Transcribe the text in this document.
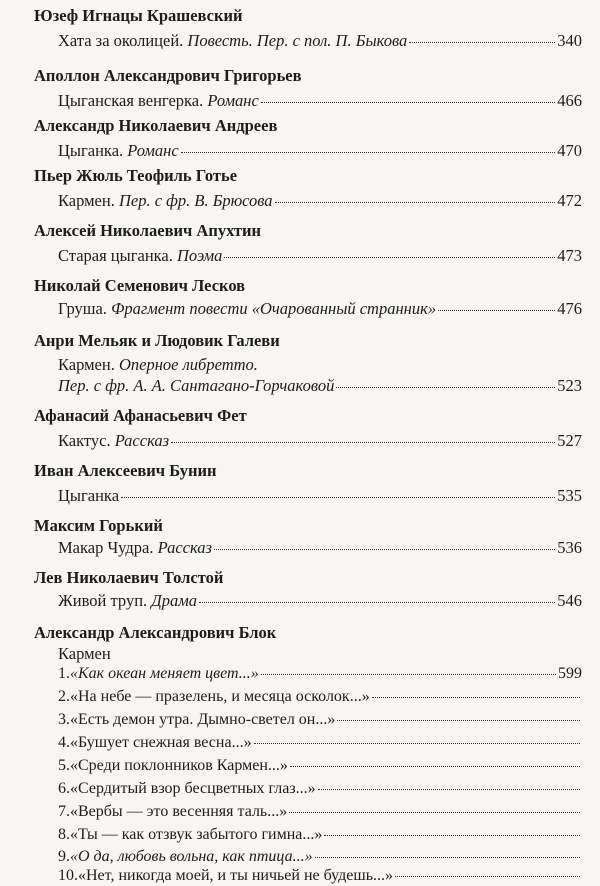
Юзеф Игнацы Крашевский
Хата за околицей. Повесть. Пер. с пол. П. Быкова	340
Аполлон Александрович Григорьев
Цыганская венгерка. Романс	466
Александр Николаевич Андреев
Цыганка. Романс	470
Пьер Жюль Теофиль Готье
Кармен. Пер. с фр. В. Брюсова	472
Алексей Николаевич Апухтин
Старая цыганка. Поэма	473
Николай Семенович Лесков
Груша. Фрагмент повести «Очарованный странник»	476
Анри Мельяк и Людовик Галеви
Кармен. Оперное либретто.
Пер. с фр. А. А. Сантагано-Горчаковой	523
Афанасий Афанасьевич Фет
Кактус. Рассказ	527
Иван Алексеевич Бунин
Цыганка	535
Максим Горький
Макар Чудра. Рассказ	536
Лев Николаевич Толстой
Живой труп. Драма	546
Александр Александрович Блок
Кармен
1.«Как океан меняет цвет...»	599
2.«На небе — празелень, и месяца осколок...»
3.«Есть демон утра. Дымно-светел он...»
4.«Бушует снежная весна...»
5.«Среди поклонников Кармен...»
6.«Сердитый взор бесцветных глаз...»
7.«Вербы — это весенняя таль...»
8.«Ты — как отзвук забытого гимна...»
9.«О да, любовь вольна, как птица...»
10.«Нет, никогда моей, и ты ничьей не будешь...»
